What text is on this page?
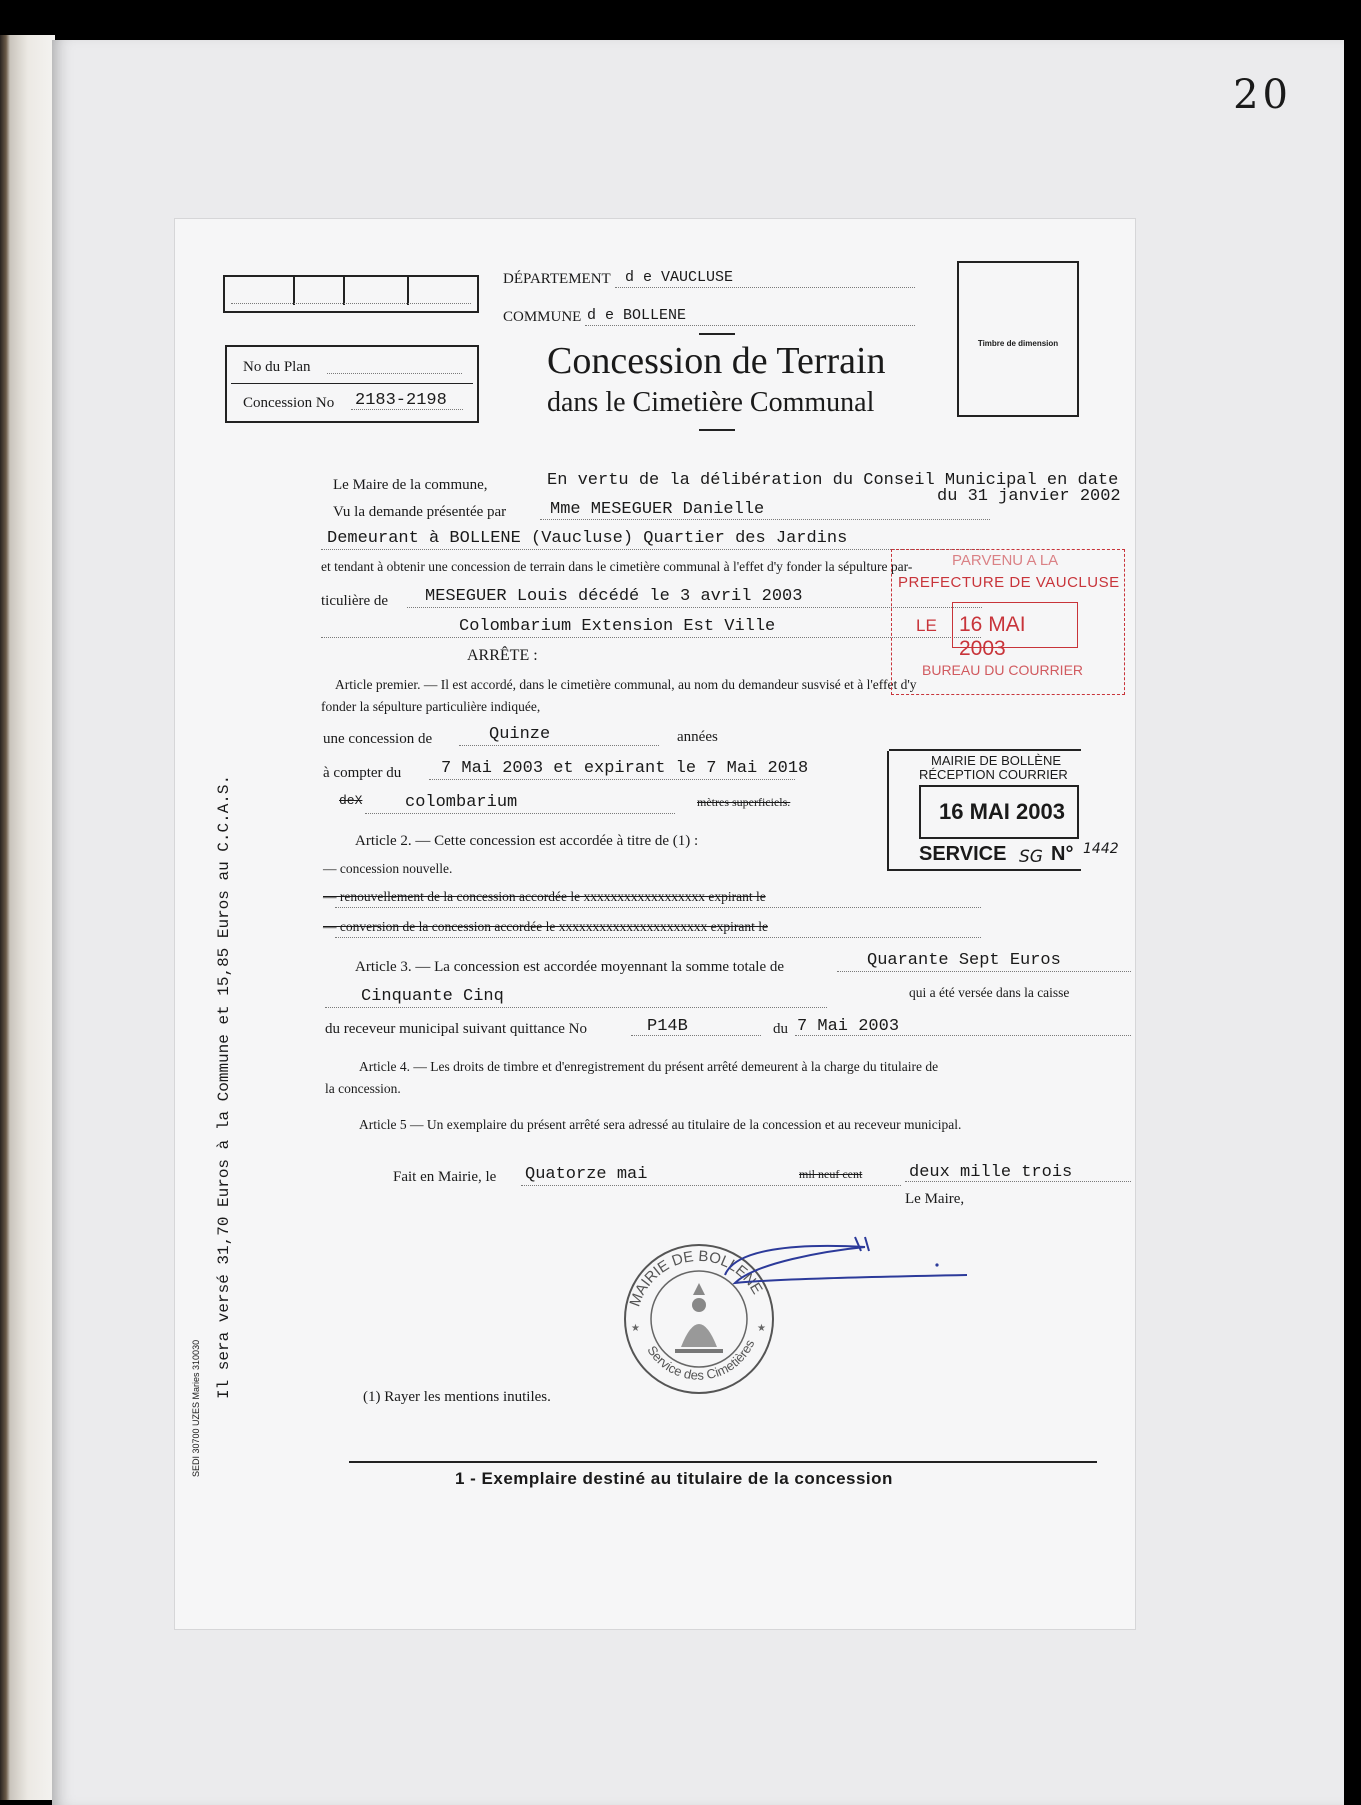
20
No du Plan
Concession No 2183-2198
DÉPARTEMENT d e VAUCLUSE
COMMUNE d e BOLLENE
Concession de Terrain
dans le Cimetière Communal
Timbre de dimension
Le Maire de la commune,	En vertu de la délibération du Conseil Municipal en date
du 31 janvier 2002
Vu la demande présentée par	Mme MESEGUER Danielle
Demeurant à BOLLENE (Vaucluse) Quartier des Jardins
et tendant à obtenir une concession de terrain dans le cimetière communal à l'effet d'y fonder la sépulture par-
ticulière de MESEGUER Louis décédé le 3 avril 2003
Colombarium Extension Est Ville
ARRÊTE :
Article premier. — Il est accordé, dans le cimetière communal, au nom du demandeur susvisé et à l'effet d'y
fonder la sépulture particulière indiquée,
une concession de	Quinze	années
à compter du 7 Mai 2003 et expirant le 7 Mai 2018
deX	colombarium	mètres superficiels.
Article 2. — Cette concession est accordée à titre de (1) :
— concession nouvelle.
— renouvellement de la concession accordée le xxxxxxxxxxxxxxxxxx expirant le
— conversion de la concession accordée le xxxxxxxxxxxxxxxxxxxxxx expirant le
Article 3. — La concession est accordée moyennant la somme totale de	Quarante Sept Euros
Cinquante Cinq	qui a été versée dans la caisse
du receveur municipal suivant quittance No	P14B	du 7 Mai 2003
Article 4. — Les droits de timbre et d'enregistrement du présent arrêté demeurent à la charge du titulaire de
la concession.
Article 5 — Un exemplaire du présent arrêté sera adressé au titulaire de la concession et au receveur municipal.
Fait en Mairie, le Quatorze mai	mil neuf cent	deux mille trois
Le Maire,
(1) Rayer les mentions inutiles.
1 - Exemplaire destiné au titulaire de la concession
Il sera versé 31,70 Euros à la Commune et 15,85 Euros au C.C.A.S.
SEDI 30700 UZES Maries 310030
PARVENU A LA
PREFECTURE DE VAUCLUSE
LE 16 MAI 2003
BUREAU DU COURRIER
MAIRIE DE BOLLÈNE
RÉCEPTION COURRIER
16 MAI 2003
SERVICE SG N° 1442
★	★
MAIRIE DE BOLLENE
Service des Cimetières
